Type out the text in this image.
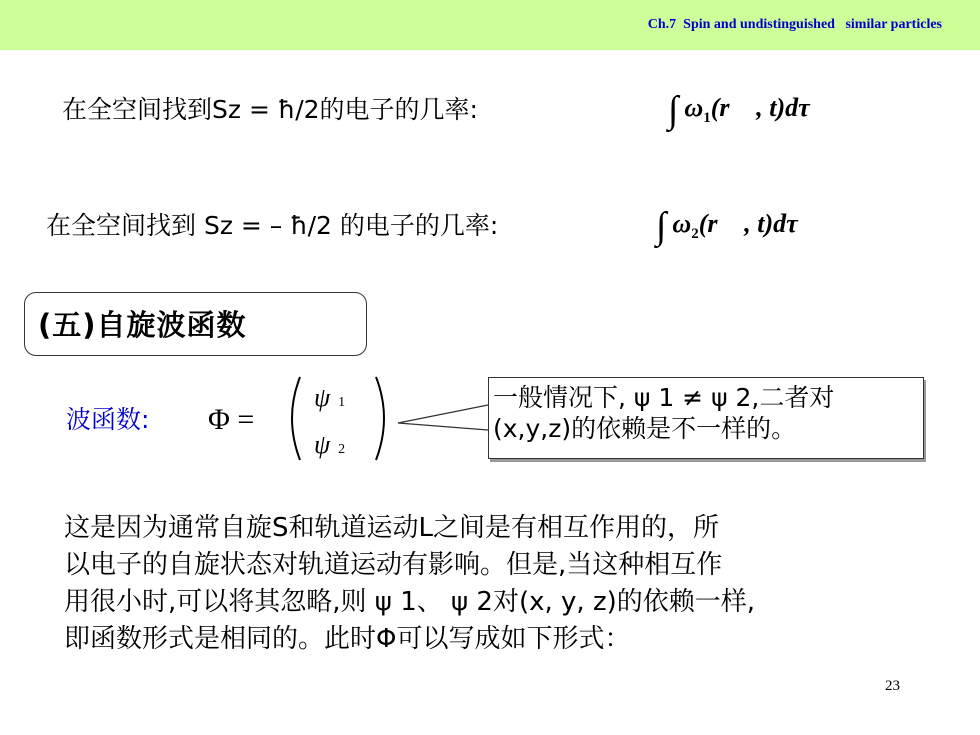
Ch.7  Spin and undistinguished   similar particles
在全空间找到Sz = ħ/2的电子的几率:	∫ $\omega_1(r⃗$ , t)dτ
在全空间找到 Sz = – ħ/2 的电子的几率:	∫ $\omega_2(r⃗$ , t)dτ
(五)自旋波函数
波函数: Φ =
ψ 1
ψ 2
一般情况下, ψ 1 ≠ ψ 2,二者对
(x,y,z)的依赖是不一样的。
这是因为通常自旋S和轨道运动L之间是有相互作用的，所
以电子的自旋状态对轨道运动有影响。但是,当这种相互作
用很小时,可以将其忽略,则 ψ 1、 ψ 2对(x, y, z)的依赖一样,
即函数形式是相同的。此时Φ可以写成如下形式：
23
